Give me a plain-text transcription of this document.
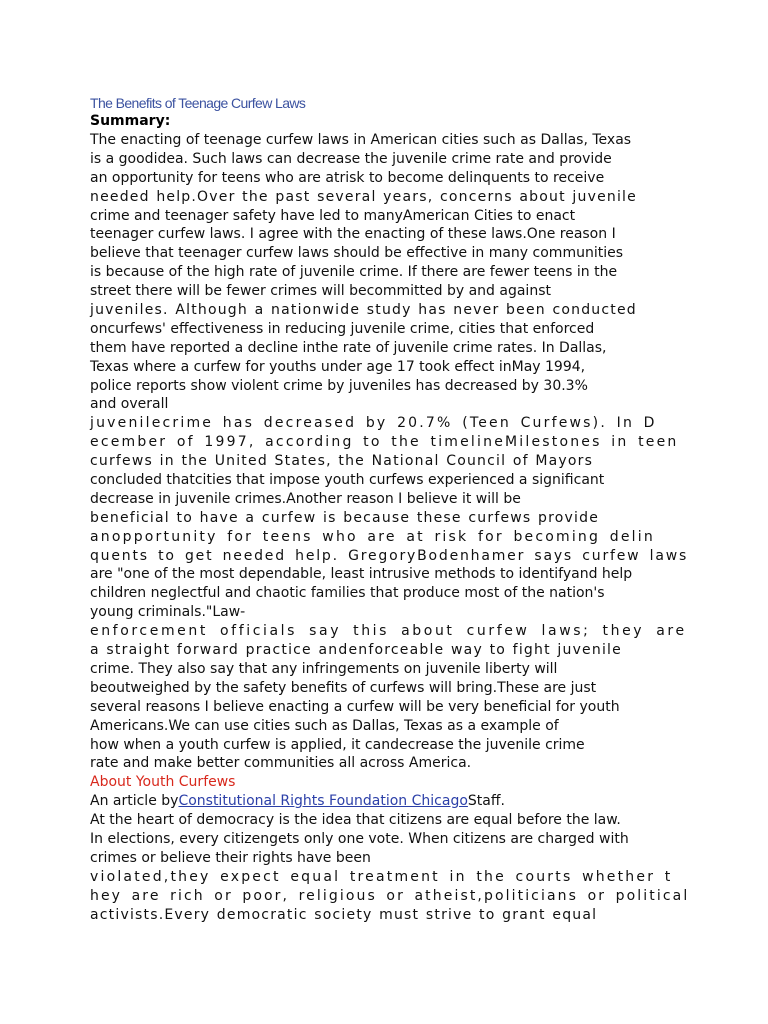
The Benefits of Teenage Curfew Laws
Summary:
The enacting of teenage curfew laws in American cities such as Dallas, Texas
is a goodidea. Such laws can decrease the juvenile crime rate and provide
an opportunity for teens who are atrisk to become delinquents to receive
needed help.Over the past several years, concerns about juvenile
crime and teenager safety have led to manyAmerican Cities to enact
teenager curfew laws. I agree with the enacting of these laws.One reason I
believe that teenager curfew laws should be effective in many communities
is because of the high rate of juvenile crime. If there are fewer teens in the
street there will be fewer crimes will becommitted by and against
juveniles. Although a nationwide study has never been conducted
oncurfews' effectiveness in reducing juvenile crime, cities that enforced
them have reported a decline inthe rate of juvenile crime rates. In Dallas,
Texas where a curfew for youths under age 17 took effect inMay 1994,
police reports show violent crime by juveniles has decreased by 30.3%
and overall
juvenilecrime has decreased by 20.7% (Teen Curfews). In D
ecember of 1997, according to the timelineMilestones in teen
curfews in the United States, the National Council of Mayors
concluded thatcities that impose youth curfews experienced a significant
decrease in juvenile crimes.Another reason I believe it will be
beneficial to have a curfew is because these curfews provide
anopportunity for teens who are at risk for becoming delin
quents to get needed help. GregoryBodenhamer says curfew laws
are "one of the most dependable, least intrusive methods to identifyand help
children neglectful and chaotic families that produce most of the nation's
young criminals."Law-
enforcement officials say this about curfew laws; they are
a straight forward practice andenforceable way to fight juvenile
crime. They also say that any infringements on juvenile liberty will
beoutweighed by the safety benefits of curfews will bring.These are just
several reasons I believe enacting a curfew will be very beneficial for youth
Americans.We can use cities such as Dallas, Texas as a example of
how when a youth curfew is applied, it candecrease the juvenile crime
rate and make better communities all across America.
About Youth Curfews
An article byConstitutional Rights Foundation ChicagoStaff.
At the heart of democracy is the idea that citizens are equal before the law.
In elections, every citizengets only one vote. When citizens are charged with
crimes or believe their rights have been
violated,they expect equal treatment in the courts whether t
hey are rich or poor, religious or atheist,politicians or political
activists.Every democratic society must strive to grant equal
